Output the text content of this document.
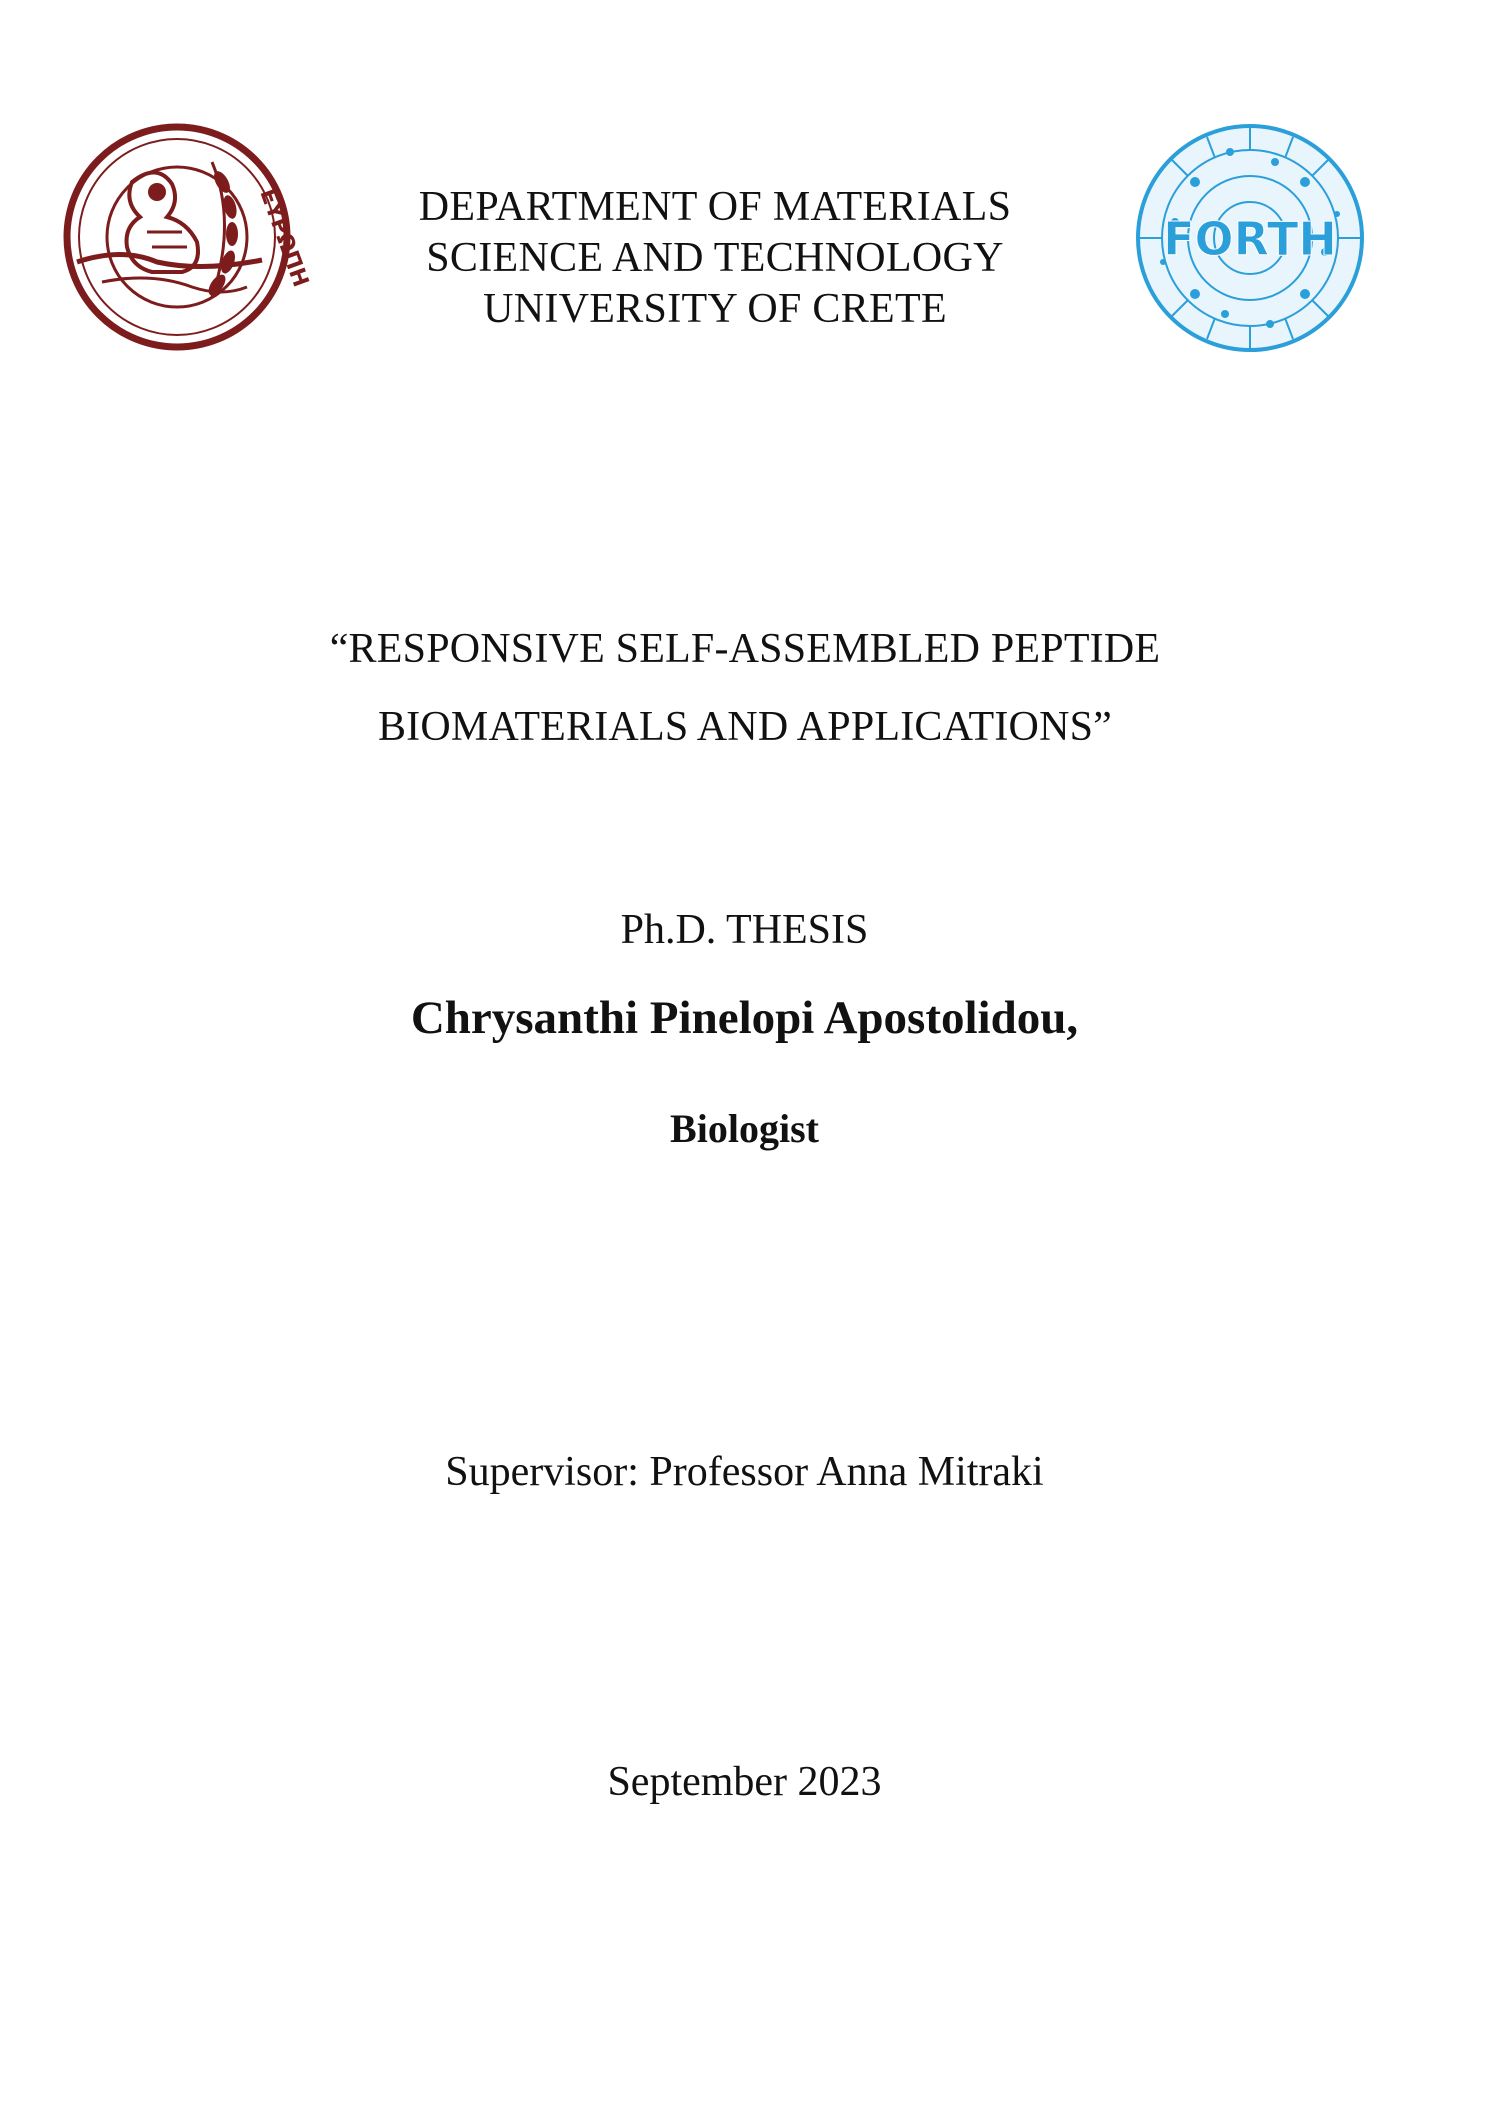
ΕΥΡΩΠΗ	DEPARTMENT OF MATERIALS
SCIENCE AND TECHNOLOGY
UNIVERSITY OF CRETE
FORTH
“RESPONSIVE SELF-ASSEMBLED PEPTIDE
BIOMATERIALS AND APPLICATIONS”
Ph.D. THESIS
Chrysanthi Pinelopi Apostolidou,
Biologist
Supervisor: Professor Anna Mitraki
September 2023
